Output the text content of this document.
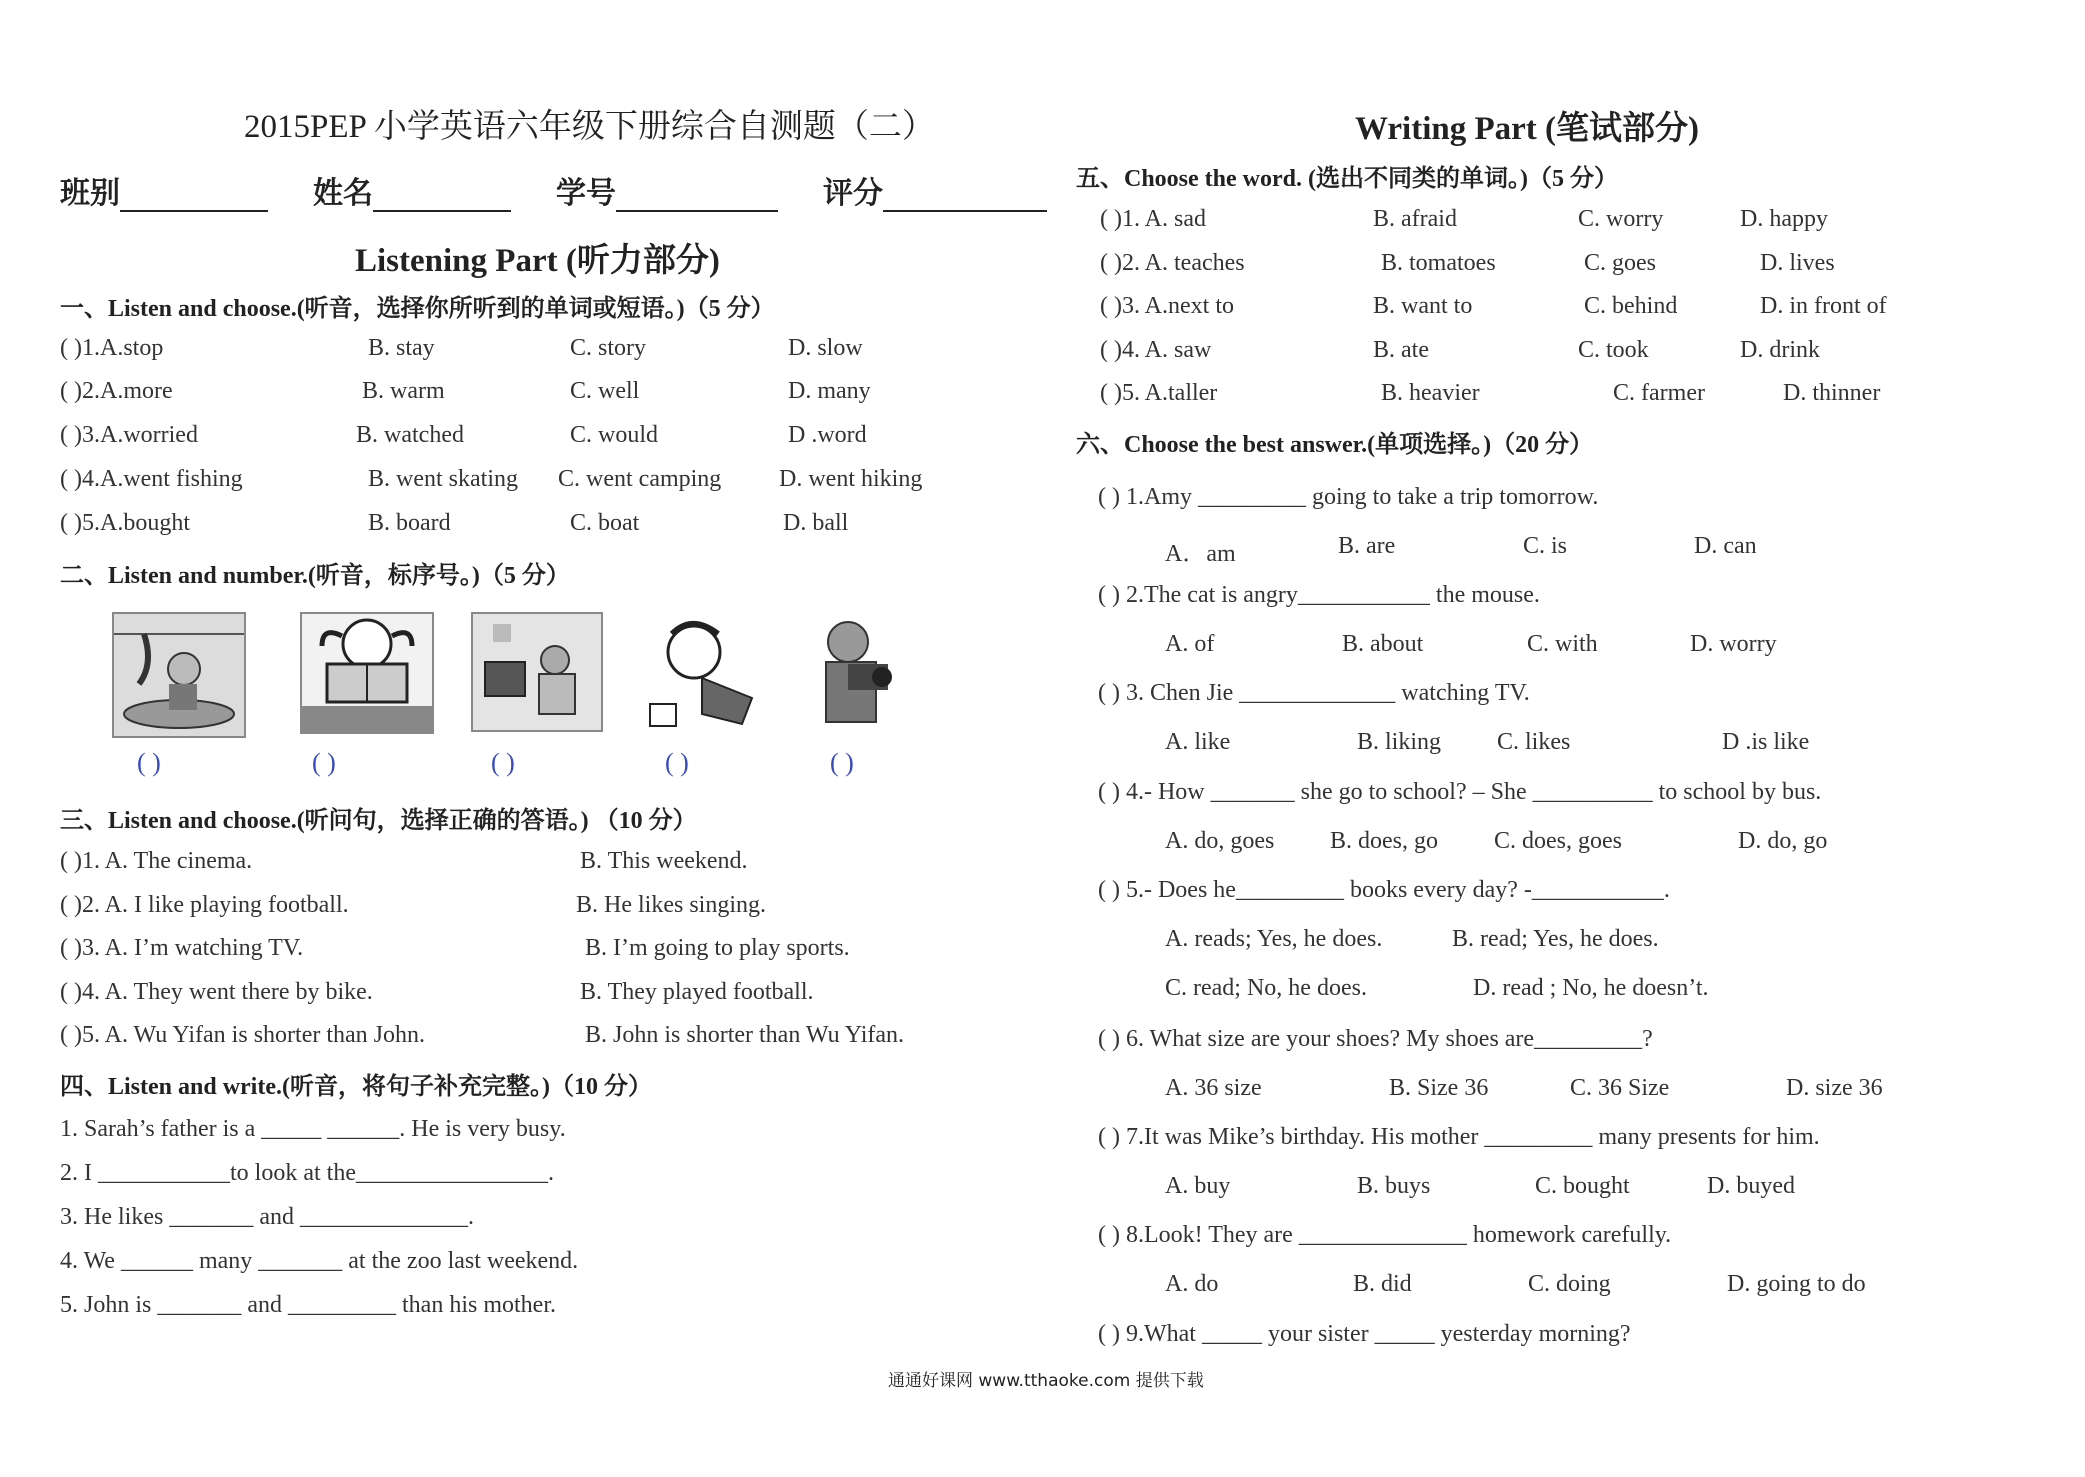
2015PEP 小学英语六年级下册综合自测题（二）
班别	姓名	学号	评分
Listening Part (听力部分)
一、Listen and choose.(听音，选择你所听到的单词或短语。)（5 分）
( )1.A.stop	B. stay	C. story	D. slow
( )2.A.more	B. warm	C. well	D. many
( )3.A.worried	B. watched	C. would	D .word
( )4.A.went fishing	B. went skating C. went camping D. went hiking
( )5.A.bought	B. board	C. boat	D. ball
二、Listen and number.(听音，标序号。)（5 分）
( )	( )	( )	( )	( )
三、Listen and choose.(听问句，选择正确的答语。) （10 分）
( )1. A. The cinema.	B. This weekend.
( )2. A. I like playing football.	B. He likes singing.
( )3. A. I’m watching TV.	B. I’m going to play sports.
( )4. A. They went there by bike.	B. They played football.
( )5. A. Wu Yifan is shorter than John.	B. John is shorter than Wu Yifan.
四、Listen and write.(听音，将句子补充完整。)（10 分）
1. Sarah’s father is a _____ ______. He is very busy.
2. I ___________to look at the________________.
3. He likes _______ and ______________.
4. We ______ many _______ at the zoo last weekend.
5. John is _______ and _________ than his mother.
Writing Part (笔试部分)
五、Choose the word. (选出不同类的单词。)（5 分）
( )1. A. sad	B. afraid	C. worry	D. happy
( )2. A. teaches	B. tomatoes	C. goes	D. lives
( )3. A.next to	B. want to	C. behind	D. in front of
( )4. A. saw	B. ate	C. took	D. drink
( )5. A.taller	B. heavier	C. farmer	D. thinner
六、Choose the best answer.(单项选择。)（20 分）
( ) 1.Amy _________ going to take a trip tomorrow.
A．am	B. are	C. is	D. can
( ) 2.The cat is angry___________ the mouse.
A. of	B. about	C. with	D. worry
( ) 3. Chen Jie _____________ watching TV.
A. like	B. liking C. likes	D .is like
( ) 4.- How _______ she go to school? – She __________ to school by bus.
A. do, goes B. does, go C. does, goes	D. do, go
( ) 5.- Does he_________ books every day? -___________.
A. reads; Yes, he does.	B. read; Yes, he does.
C. read; No, he does.	D. read ; No, he doesn’t.
( ) 6. What size are your shoes? My shoes are_________?
A. 36 size	B. Size 36	C. 36 Size	D. size 36
( ) 7.It was Mike’s birthday. His mother _________ many presents for him.
A. buy	B. buys	C. bought	D. buyed
( ) 8.Look! They are ______________ homework carefully.
A. do	B. did	C. doing	D. going to do
( ) 9.What _____ your sister _____ yesterday morning?
通通好课网 www.tthaoke.com 提供下载
